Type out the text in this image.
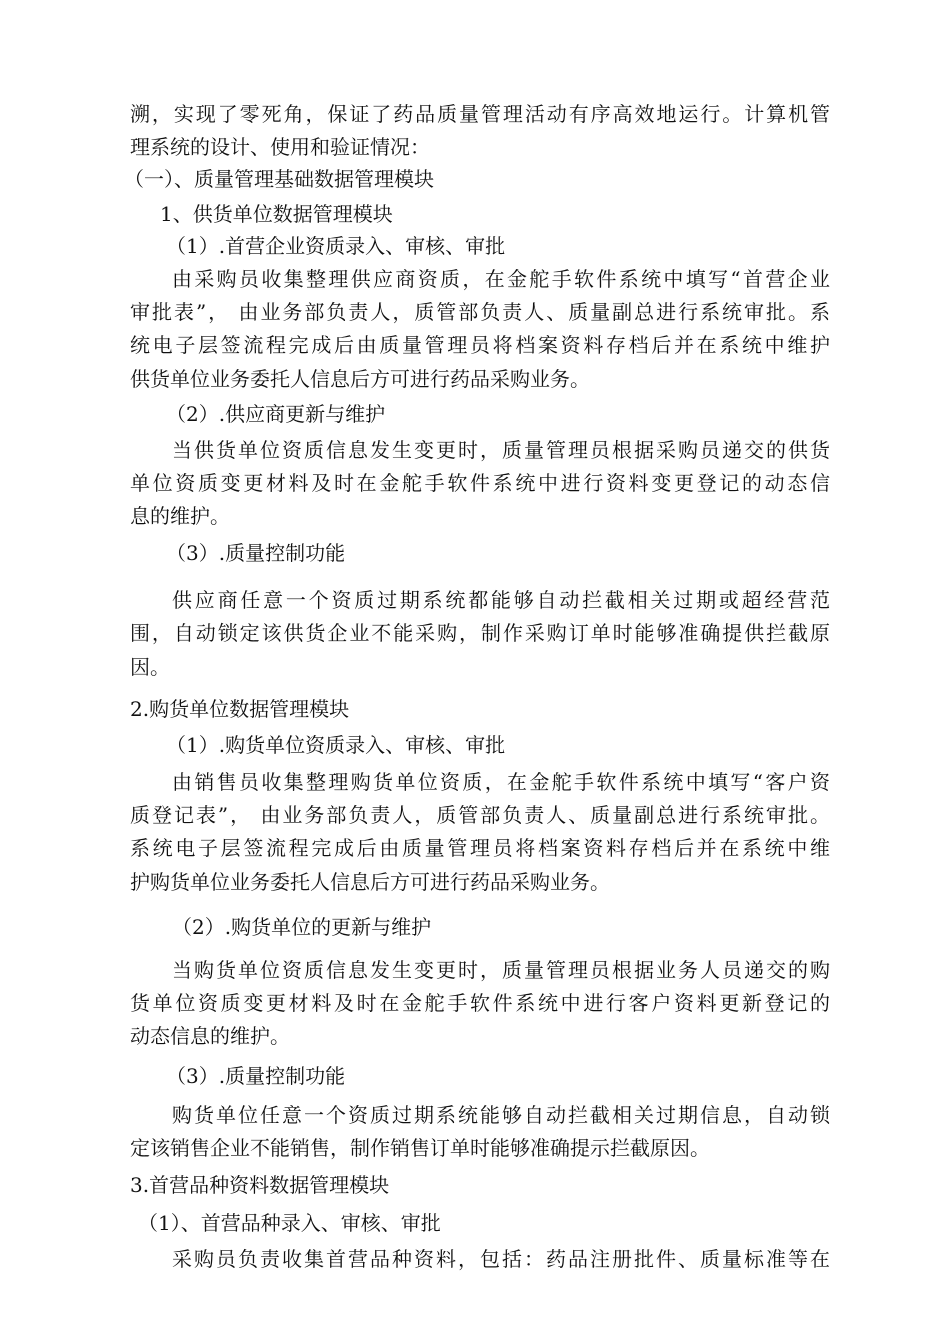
溯，实现了零死角，保证了药品质量管理活动有序高效地运行。计算机管
理系统的设计、使用和验证情况：
（一）、质量管理基础数据管理模块
1、供货单位数据管理模块
（1）.首营企业资质录入、审核、审批
由采购员收集整理供应商资质，在金舵手软件系统中填写“首营企业
审批表”， 由业务部负责人，质管部负责人、质量副总进行系统审批。系
统电子层签流程完成后由质量管理员将档案资料存档后并在系统中维护
供货单位业务委托人信息后方可进行药品采购业务。
（2）.供应商更新与维护
当供货单位资质信息发生变更时，质量管理员根据采购员递交的供货
单位资质变更材料及时在金舵手软件系统中进行资料变更登记的动态信
息的维护。
（3）.质量控制功能
供应商任意一个资质过期系统都能够自动拦截相关过期或超经营范
围，自动锁定该供货企业不能采购，制作采购订单时能够准确提供拦截原
因。
2.购货单位数据管理模块
（1）.购货单位资质录入、审核、审批
由销售员收集整理购货单位资质，在金舵手软件系统中填写“客户资
质登记表”， 由业务部负责人，质管部负责人、质量副总进行系统审批。
系统电子层签流程完成后由质量管理员将档案资料存档后并在系统中维
护购货单位业务委托人信息后方可进行药品采购业务。
（2）.购货单位的更新与维护
当购货单位资质信息发生变更时，质量管理员根据业务人员递交的购
货单位资质变更材料及时在金舵手软件系统中进行客户资料更新登记的
动态信息的维护。
（3）.质量控制功能
购货单位任意一个资质过期系统能够自动拦截相关过期信息，自动锁
定该销售企业不能销售，制作销售订单时能够准确提示拦截原因。
3.首营品种资料数据管理模块
（1）、首营品种录入、审核、审批
采购员负责收集首营品种资料，包括：药品注册批件、质量标准等在
